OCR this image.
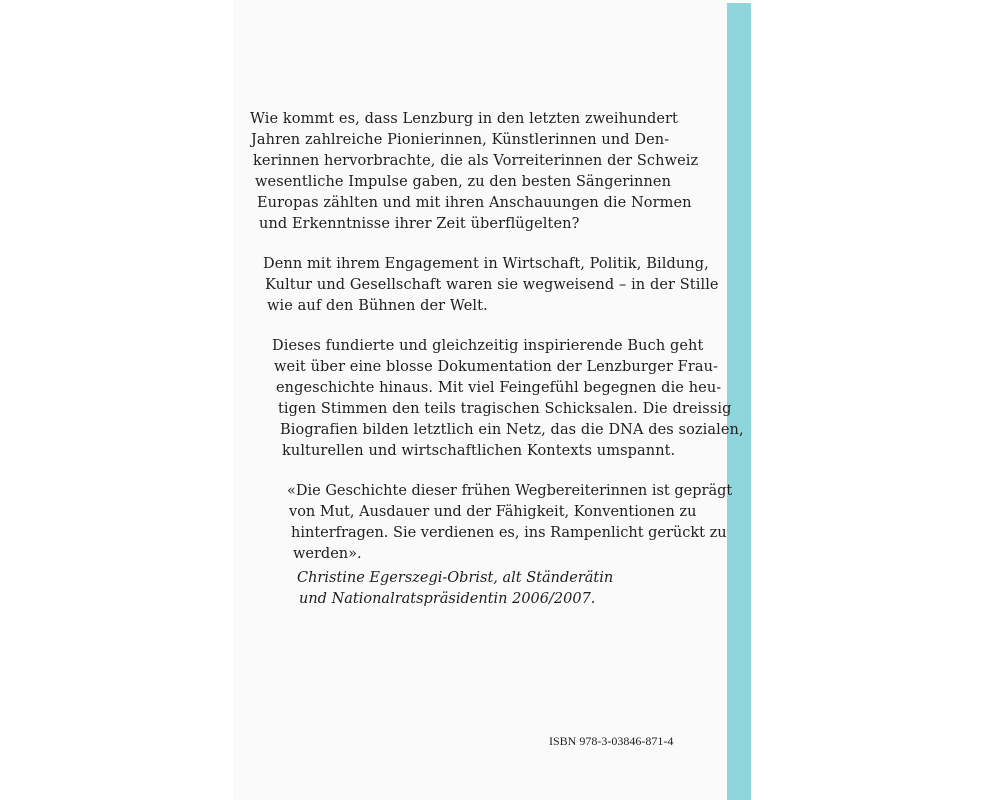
Wie kommt es, dass Lenzburg in den letzten zweihundert
Jahren zahlreiche Pionierinnen, Künstlerinnen und Den-
kerinnen hervorbrachte, die als Vorreiterinnen der Schweiz
wesentliche Impulse gaben, zu den besten Sängerinnen
Europas zählten und mit ihren Anschauungen die Normen
und Erkenntnisse ihrer Zeit überflügelten?
Denn mit ihrem Engagement in Wirtschaft, Politik, Bildung,
Kultur und Gesellschaft waren sie wegweisend – in der Stille
wie auf den Bühnen der Welt.
Dieses fundierte und gleichzeitig inspirierende Buch geht
weit über eine blosse Dokumentation der Lenzburger Frau-
engeschichte hinaus. Mit viel Feingefühl begegnen die heu-
tigen Stimmen den teils tragischen Schicksalen. Die dreissig
Biografien bilden letztlich ein Netz, das die DNA des sozialen,
kulturellen und wirtschaftlichen Kontexts umspannt.
«Die Geschichte dieser frühen Wegbereiterinnen ist geprägt
von Mut, Ausdauer und der Fähigkeit, Konventionen zu
hinterfragen. Sie verdienen es, ins Rampenlicht gerückt zu
werden».
Christine Egerszegi-Obrist, alt Ständerätin
und Nationalratspräsidentin 2006/2007.
ISBN 978-3-03846-871-4
